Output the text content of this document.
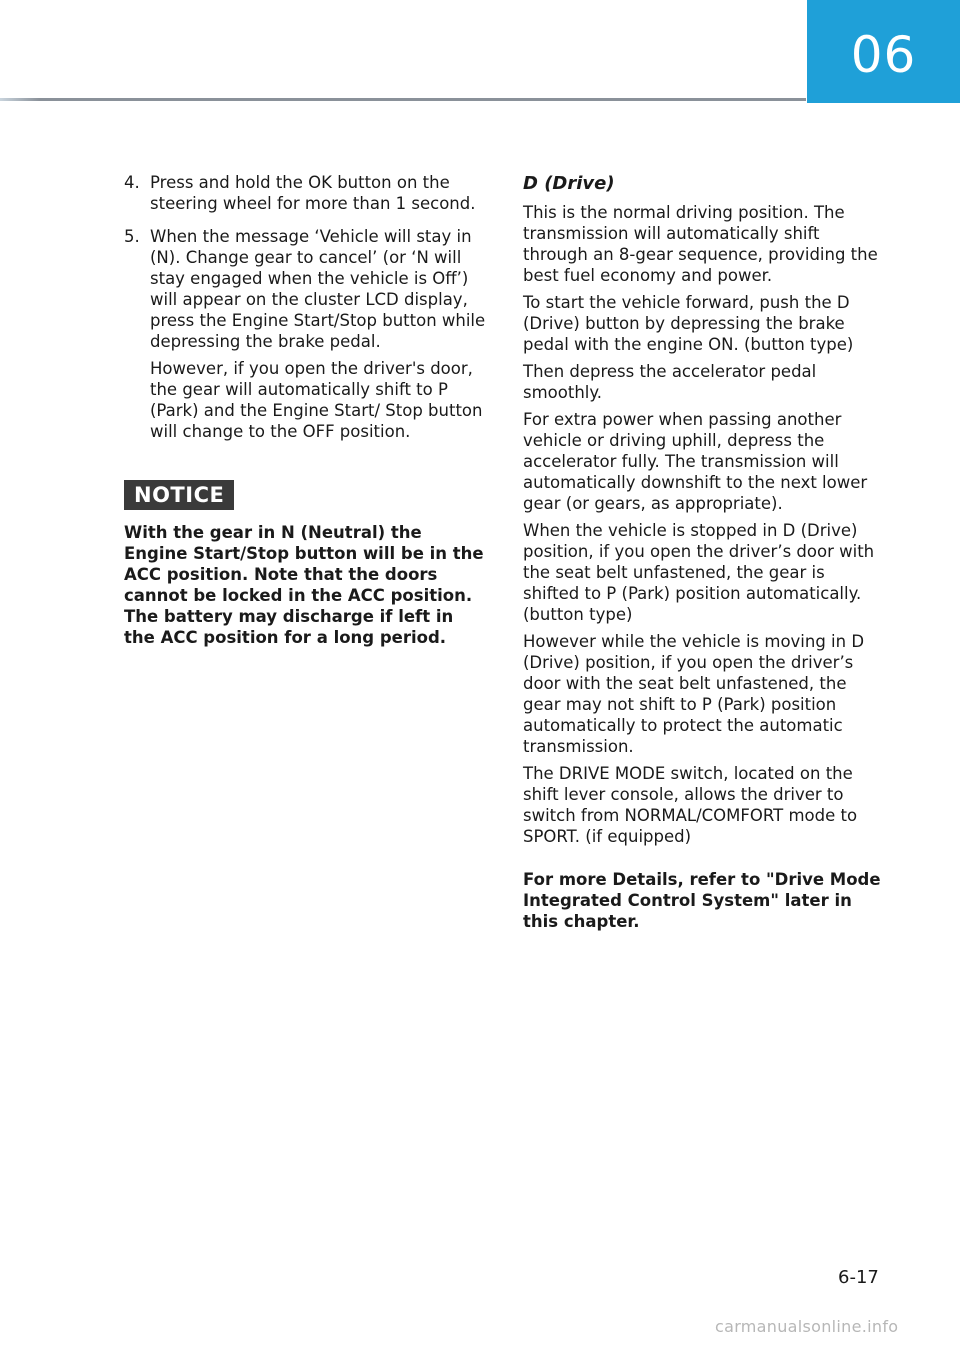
06
4. Press and hold the OK button on the steering wheel for more than 1 second.

5. When the message ‘Vehicle will stay in (N). Change gear to cancel’ (or ‘N will stay engaged when the vehicle is Off’) will appear on the cluster LCD display, press the Engine Start/Stop button while depressing the brake pedal.

However, if you open the driver's door, the gear will automatically shift to P (Park) and the Engine Start/ Stop button will change to the OFF position.

NOTICE

With the gear in N (Neutral) the Engine Start/Stop button will be in the ACC position. Note that the doors cannot be locked in the ACC position. The battery may discharge if left in the ACC position for a long period.

D (Drive)

This is the normal driving position. The transmission will automatically shift through an 8-gear sequence, providing the best fuel economy and power.

To start the vehicle forward, push the D (Drive) button by depressing the brake pedal with the engine ON. (button type)

Then depress the accelerator pedal smoothly.

For extra power when passing another vehicle or driving uphill, depress the accelerator fully. The transmission will automatically downshift to the next lower gear (or gears, as appropriate).

When the vehicle is stopped in D (Drive) position, if you open the driver’s door with the seat belt unfastened, the gear is shifted to P (Park) position automatically. (button type)

However while the vehicle is moving in D (Drive) position, if you open the driver’s door with the seat belt unfastened, the gear may not shift to P (Park) position automatically to protect the automatic transmission.

The DRIVE MODE switch, located on the shift lever console, allows the driver to switch from NORMAL/COMFORT mode to SPORT. (if equipped)

For more Details, refer to "Drive Mode Integrated Control System" later in this chapter.

6-17
carmanualsonline.info
